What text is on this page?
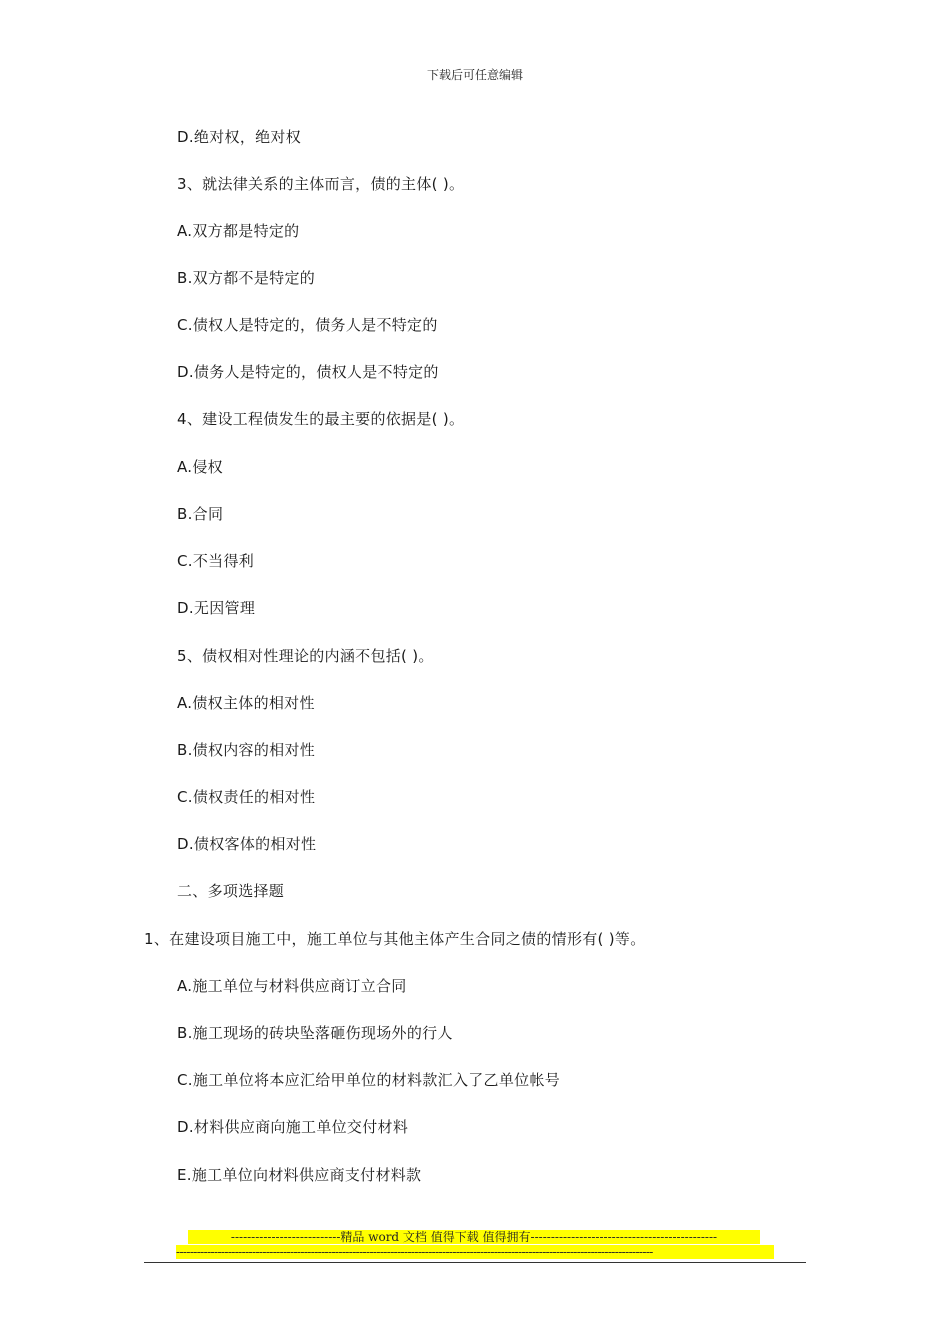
下载后可任意编辑
D.绝对权，绝对权
3、就法律关系的主体而言，债的主体( )。
A.双方都是特定的
B.双方都不是特定的
C.债权人是特定的，债务人是不特定的
D.债务人是特定的，债权人是不特定的
4、建设工程债发生的最主要的依据是( )。
A.侵权
B.合同
C.不当得利
D.无因管理
5、债权相对性理论的内涵不包括( )。
A.债权主体的相对性
B.债权内容的相对性
C.债权责任的相对性
D.债权客体的相对性
二、多项选择题
1、在建设项目施工中，施工单位与其他主体产生合同之债的情形有( )等。
A.施工单位与材料供应商订立合同
B.施工现场的砖块坠落砸伤现场外的行人
C.施工单位将本应汇给甲单位的材料款汇入了乙单位帐号
D.材料供应商向施工单位交付材料
E.施工单位向材料供应商支付材料款
---------------------------精品 word 文档 值得下载 值得拥有----------------------------------------------
------------------------------------------------------------------------------------------------------------------------------------------
